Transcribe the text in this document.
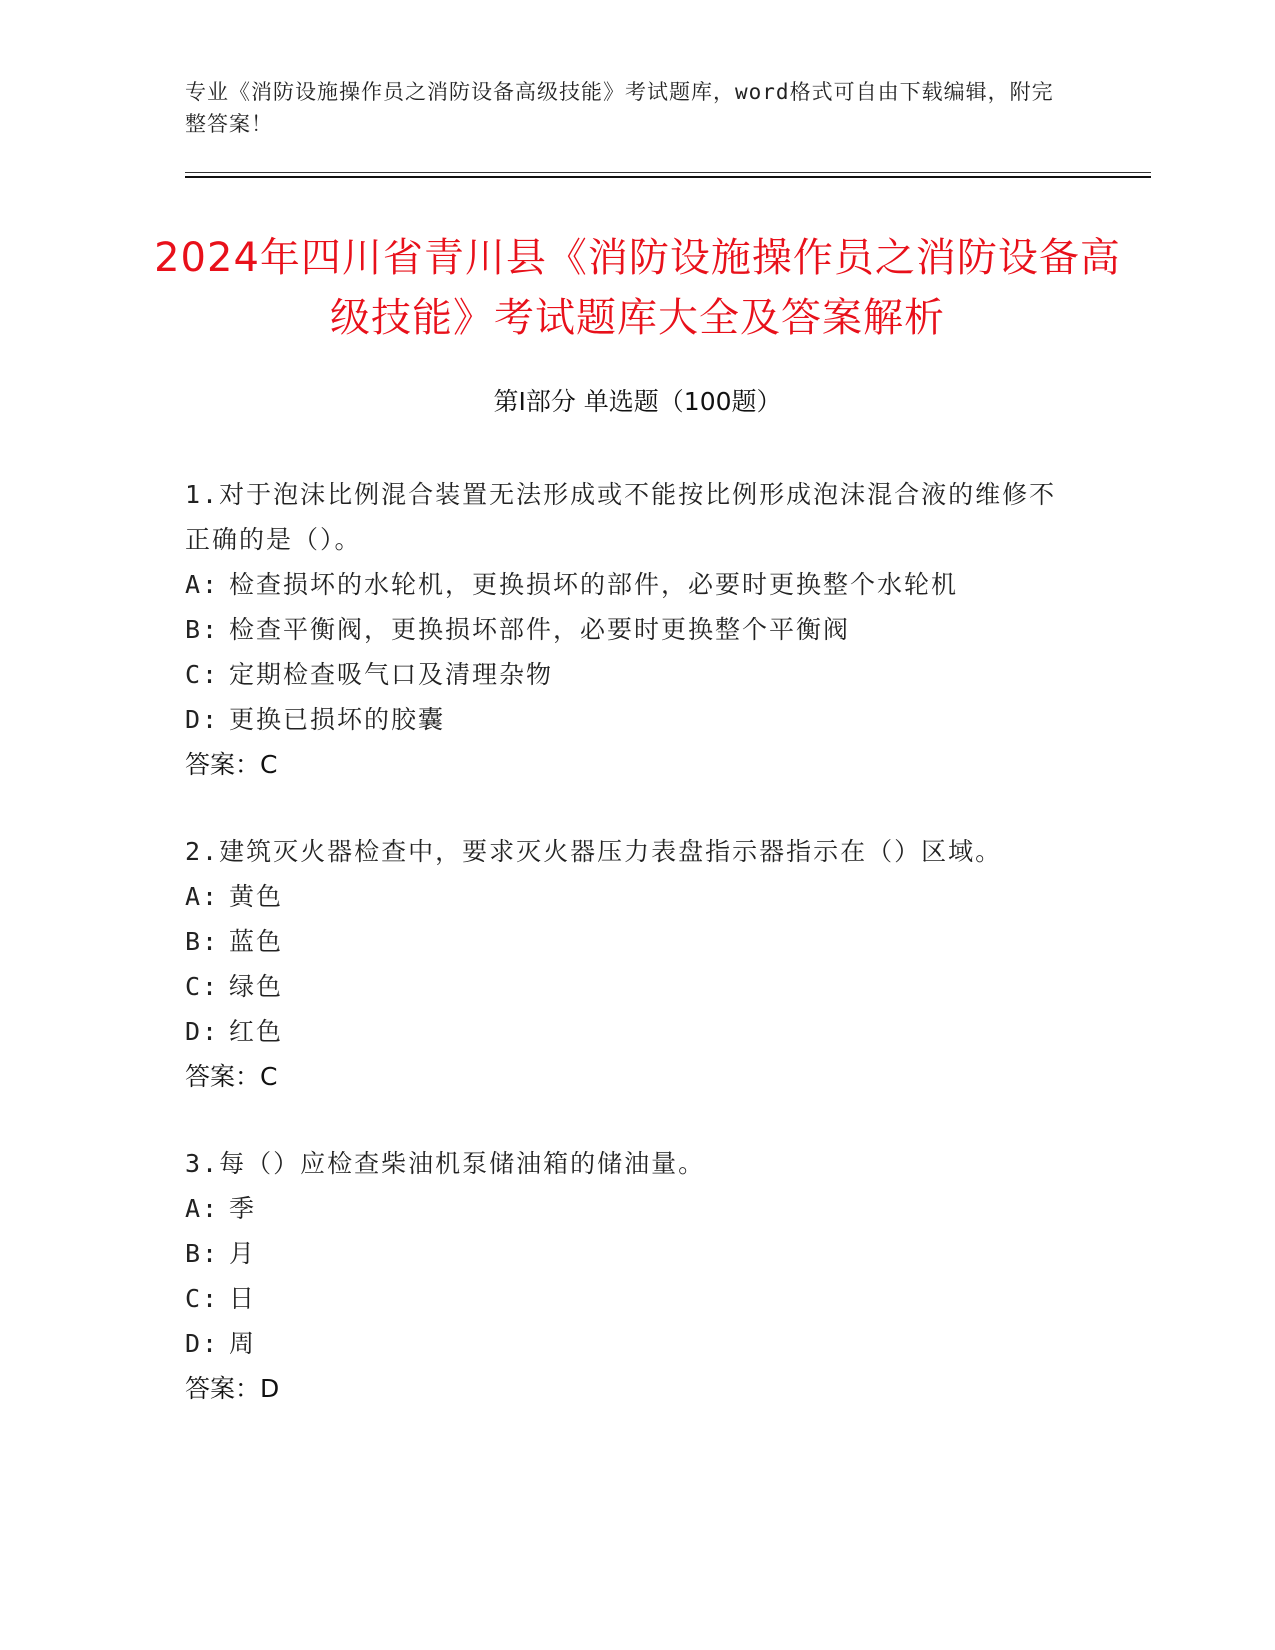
专业《消防设施操作员之消防设备高级技能》考试题库，word格式可自由下载编辑，附完整答案！
2024年四川省青川县《消防设施操作员之消防设备高级技能》考试题库大全及答案解析
第Ⅰ部分 单选题（100题）

1.对于泡沫比例混合装置无法形成或不能按比例形成泡沫混合液的维修不正确的是（）。

A: 检查损坏的水轮机，更换损坏的部件，必要时更换整个水轮机
B: 检查平衡阀，更换损坏部件，必要时更换整个平衡阀
C: 定期检查吸气口及清理杂物
D: 更换已损坏的胶囊
答案：C

2.建筑灭火器检查中，要求灭火器压力表盘指示器指示在（）区域。

A: 黄色
B: 蓝色
C: 绿色
D: 红色
答案：C

3.每（）应检查柴油机泵储油箱的储油量。

A: 季
B: 月
C: 日
D: 周
答案：D
